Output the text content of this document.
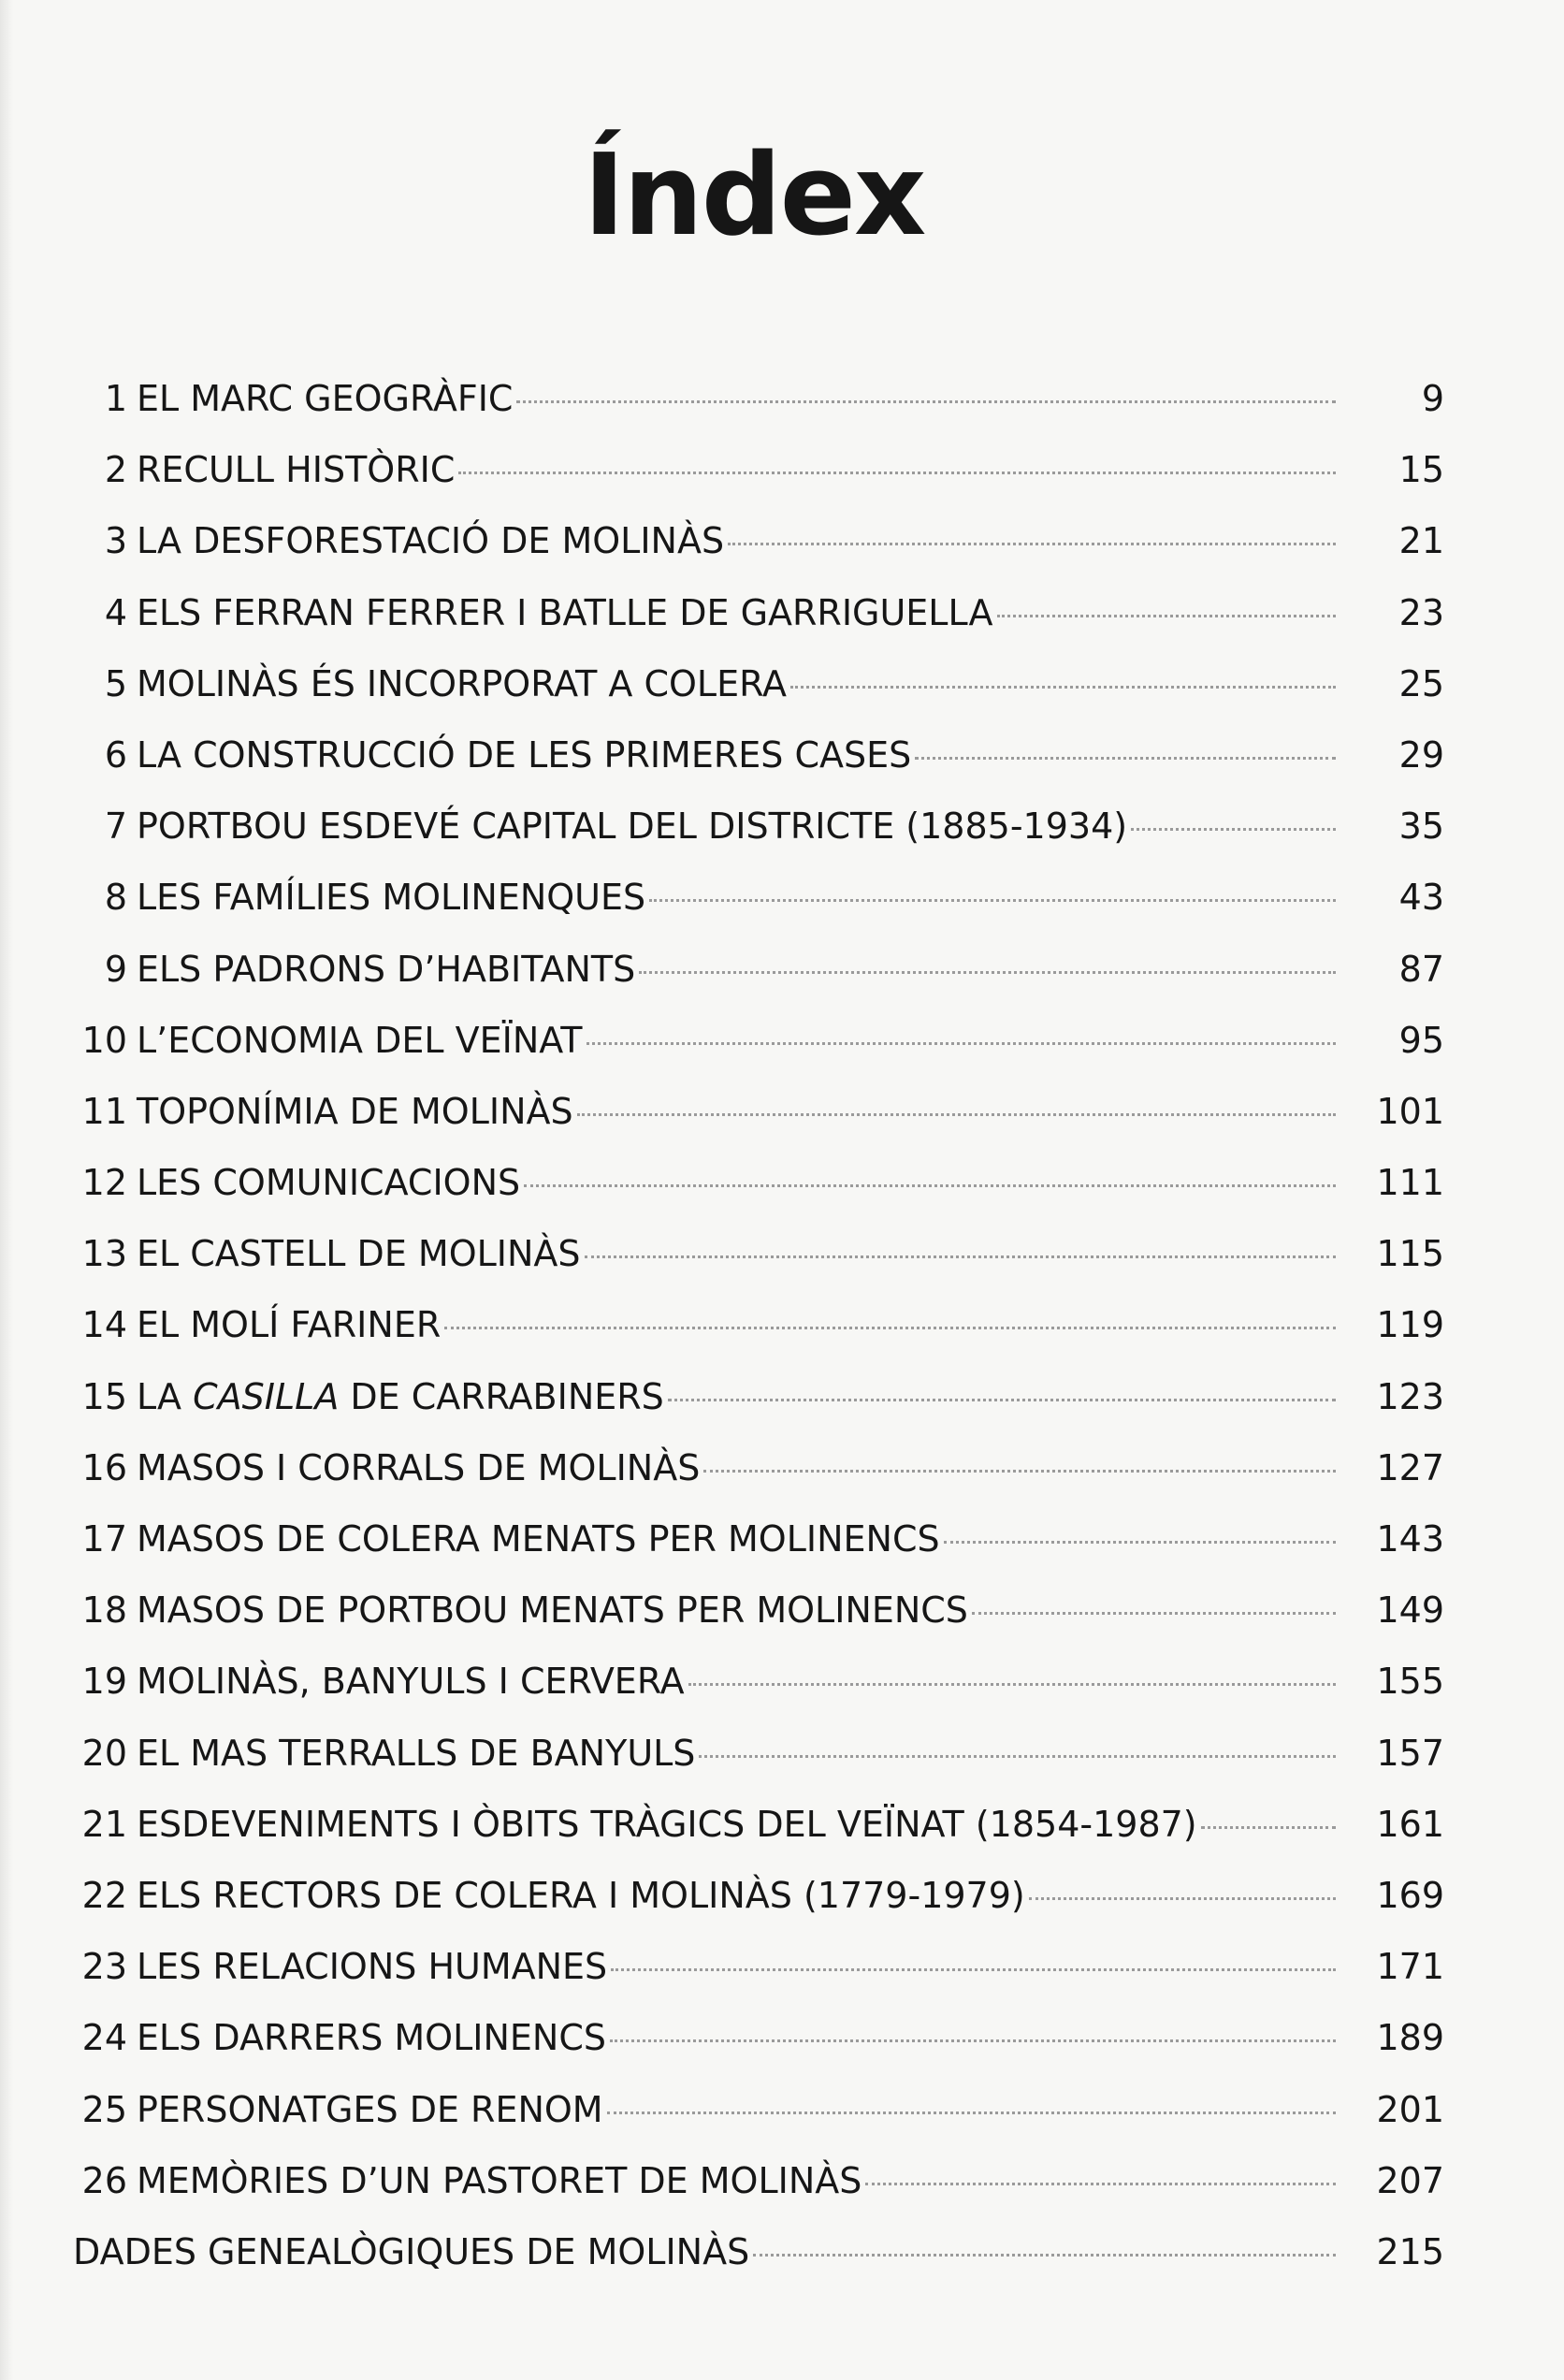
Índex
1 EL MARC GEOGRÀFIC	9
2 RECULL HISTÒRIC	15
3 LA DESFORESTACIÓ DE MOLINÀS	21
4 ELS FERRAN FERRER I BATLLE DE GARRIGUELLA	23
5 MOLINÀS ÉS INCORPORAT A COLERA	25
6 LA CONSTRUCCIÓ DE LES PRIMERES CASES	29
7 PORTBOU ESDEVÉ CAPITAL DEL DISTRICTE (1885-1934)	35
8 LES FAMÍLIES MOLINENQUES	43
9 ELS PADRONS D’HABITANTS	87
10 L’ECONOMIA DEL VEÏNAT	95
11 TOPONÍMIA DE MOLINÀS	101
12 LES COMUNICACIONS	111
13 EL CASTELL DE MOLINÀS	115
14 EL MOLÍ FARINER	119
15 LA CASILLA DE CARRABINERS	123
16 MASOS I CORRALS DE MOLINÀS	127
17 MASOS DE COLERA MENATS PER MOLINENCS	143
18 MASOS DE PORTBOU MENATS PER MOLINENCS	149
19 MOLINÀS, BANYULS I CERVERA	155
20 EL MAS TERRALLS DE BANYULS	157
21 ESDEVENIMENTS I ÒBITS TRÀGICS DEL VEÏNAT (1854-1987)	161
22 ELS RECTORS DE COLERA I MOLINÀS (1779-1979)	169
23 LES RELACIONS HUMANES	171
24 ELS DARRERS MOLINENCS	189
25 PERSONATGES DE RENOM	201
26 MEMÒRIES D’UN PASTORET DE MOLINÀS	207
DADES GENEALÒGIQUES DE MOLINÀS	215
